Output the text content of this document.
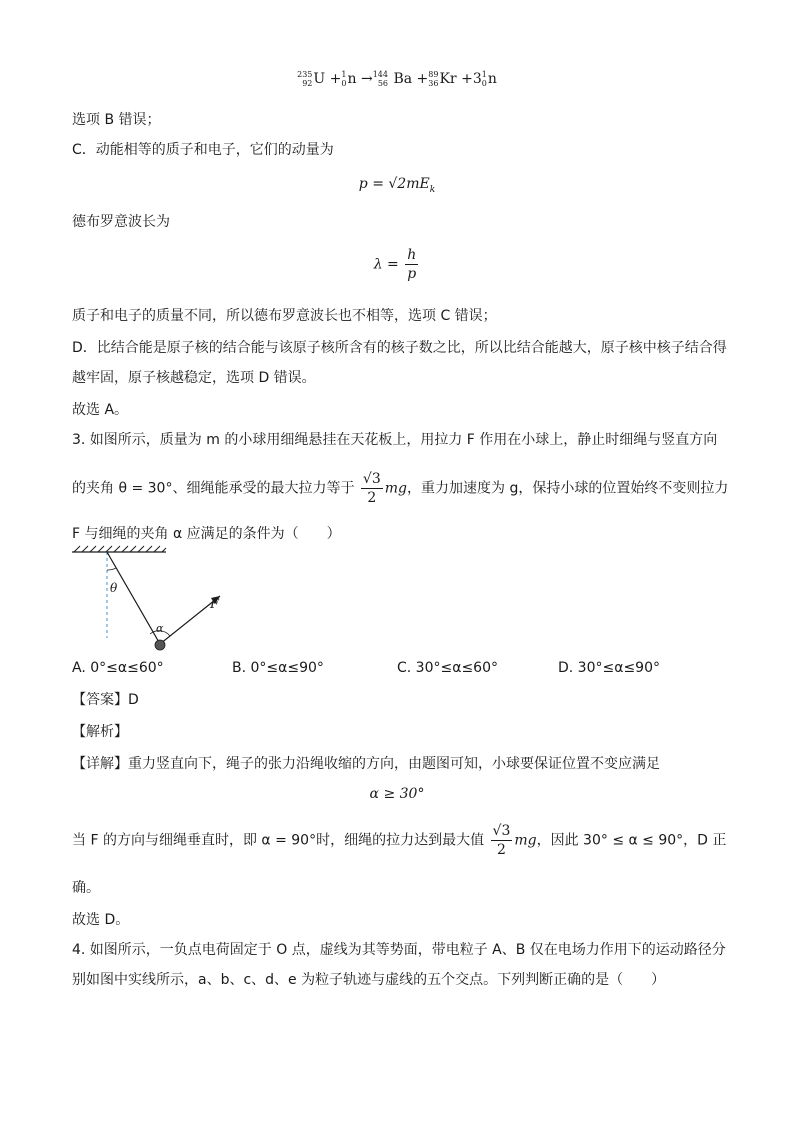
235
92 U + 1
0 n → 144
56 Ba + 89
36 Kr +3 1
0 n
选项 B 错误；
C．动能相等的质子和电子，它们的动量为
$p = √2mE_k$
德布罗意波长为
$\lambda = \frac{h}{p}$
质子和电子的质量不同，所以德布罗意波长也不相等，选项 C 错误；
D．比结合能是原子核的结合能与该原子核所含有的核子数之比，所以比结合能越大，原子核中核子结合得
越牢固，原子核越稳定，选项 D 错误。
故选 A。
3. 如图所示，质量为 m 的小球用细绳悬挂在天花板上，用拉力 F 作用在小球上，静止时细绳与竖直方向
的夹角 θ = 30°、细绳能承受的最大拉力等于 $\frac{√3}{2}$ mg，重力加速度为 g，保持小球的位置始终不变则拉力
F 与细绳的夹角 α 应满足的条件为（　　）
θ
F
α
A. 0°≤α≤60°	B. 0°≤α≤90°	C. 30°≤α≤60°	D. 30°≤α≤90°
【答案】D
【解析】
【详解】重力竖直向下，绳子的张力沿绳收缩的方向，由题图可知，小球要保证位置不变应满足
α ≥ 30°
当 F 的方向与细绳垂直时，即 α = 90°时，细绳的拉力达到最大值 $\frac{√3}{2}$ mg，因此 30° ≤ α ≤ 90°，D 正
确。
故选 D。
4. 如图所示，一负点电荷固定于 O 点，虚线为其等势面，带电粒子 A、B 仅在电场力作用下的运动路径分
别如图中实线所示，a、b、c、d、e 为粒子轨迹与虚线的五个交点。下列判断正确的是（　　）
